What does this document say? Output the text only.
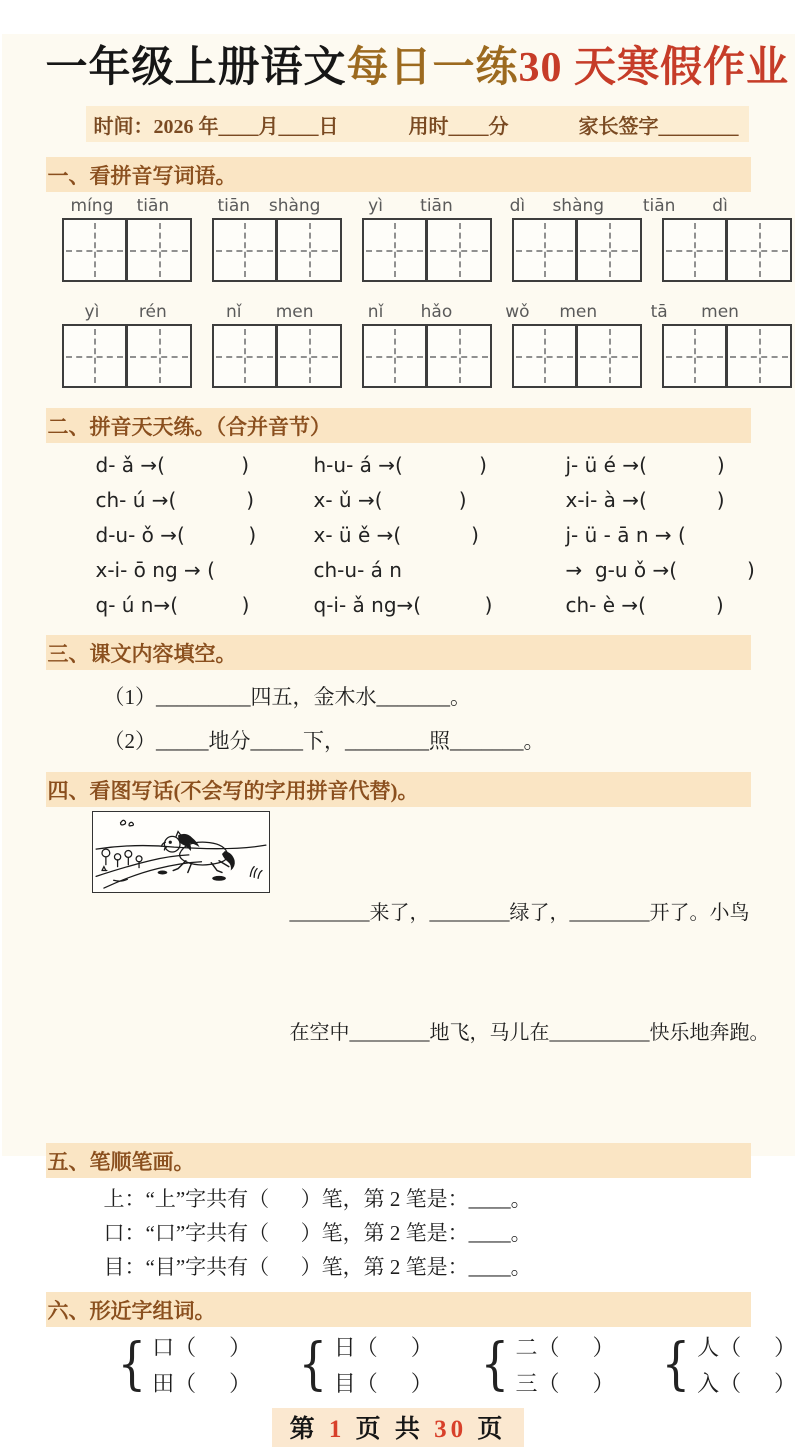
一年级上册语文每日一练30 天寒假作业
时间：2026 年____月____日	用时____分	家长签字________
一、看拼音写词语。
míng	tiān	tiān	shàng	yì	tiān	dì	shàng	tiān	dì
yì	rén	nǐ	men	nǐ	hǎo	wǒ	men	tā	men
二、拼音天天练。（合并音节）
d- ǎ →(            )	h-u- á →(            )	j- ü é →(           )
ch- ú →(           )	x- ǔ →(            )	x-i- à →(           )
d-u- ǒ →(          )	x- ü ě →(           )	j- ü - ā n → (
x-i- ō ng → (	ch-u- á n	→  g-u ǒ →(           )
q- ú n→(          )	q-i- ǎ ng→(          )	ch- è →(           )
三、课文内容填空。
（1）_________四五，金木水_______。
（2）_____地分_____下，________照_______。
四、看图写话(不会写的字用拼音代替)。

________来了，________绿了，________开了。小鸟

在空中________地飞，马儿在__________快乐地奔跑。

五、笔顺笔画。
上：“上”字共有（      ）笔，第 2 笔是：____。
口：“口”字共有（      ）笔，第 2 笔是：____。
目：“目”字共有（      ）笔，第 2 笔是：____。
六、形近字组词。
{ 口（      ）
田（      ） { 日（      ）
目（      ） { 二（      ）
三（      ） { 人（      ）
入（      ）
第 1 页 共 30 页
